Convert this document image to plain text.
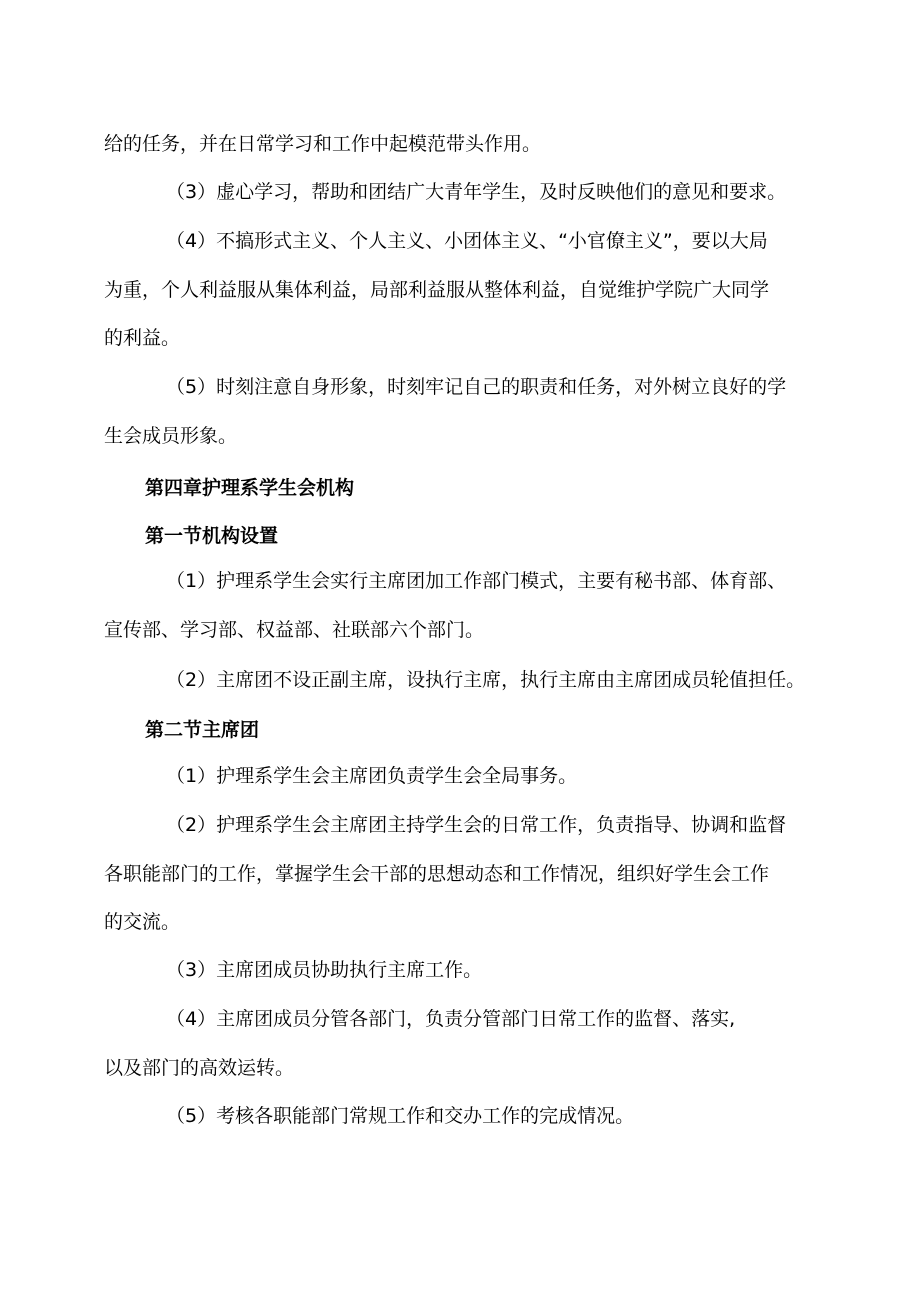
给的任务，并在日常学习和工作中起模范带头作用。

（3）虚心学习，帮助和团结广大青年学生，及时反映他们的意见和要求。

（4）不搞形式主义、个人主义、小团体主义、“小官僚主义”，要以大局
为重，个人利益服从集体利益，局部利益服从整体利益，自觉维护学院广大同学
的利益。

（5）时刻注意自身形象，时刻牢记自己的职责和任务，对外树立良好的学
生会成员形象。

第四章护理系学生会机构
第一节机构设置

（1）护理系学生会实行主席团加工作部门模式，主要有秘书部、体育部、
宣传部、学习部、权益部、社联部六个部门。

（2）主席团不设正副主席，设执行主席，执行主席由主席团成员轮值担任。

第二节主席团

（1）护理系学生会主席团负责学生会全局事务。

（2）护理系学生会主席团主持学生会的日常工作，负责指导、协调和监督
各职能部门的工作，掌握学生会干部的思想动态和工作情况，组织好学生会工作
的交流。

（3）主席团成员协助执行主席工作。

（4）主席团成员分管各部门，负责分管部门日常工作的监督、落实,
以及部门的高效运转。

（5）考核各职能部门常规工作和交办工作的完成情况。
